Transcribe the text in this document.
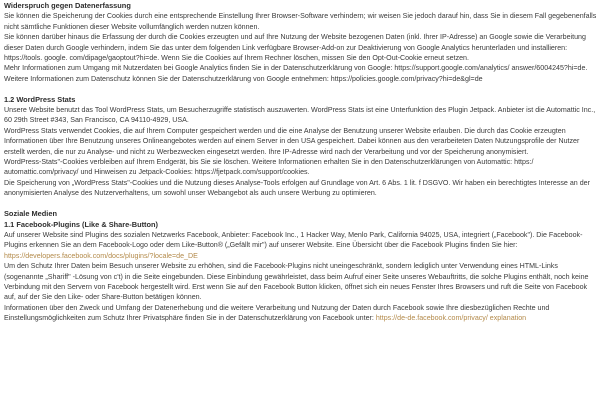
Widerspruch gegen Datenerfassung

Sie können die Speicherung der Cookies durch eine entsprechende Einstellung Ihrer Browser-Software verhindern; wir weisen Sie jedoch darauf hin, dass Sie in diesem Fall gegebenenfalls nicht sämtliche Funktionen dieser Website vollumfänglich werden nutzen können.

Sie können darüber hinaus die Erfassung der durch die Cookies erzeugten und auf Ihre Nutzung der Website bezogenen Daten (inkl. Ihrer IP-Adresse) an Google sowie die Verarbeitung dieser Daten durch Google verhindern, indem Sie das unter dem folgenden Link verfügbare Browser-Add-on zur Deaktivierung von Google Analytics herunterladen und installieren: https://tools. google. com/dipage/gaoptout?hi=de. Wenn Sie die Cookies auf Ihrem Rechner löschen, missen Sie den Opt-Out-Cookie erneut setzen.

Mehr Informationen zum Umgang mit Nutzerdaten bei Google Analytics finden Sie in der Datenschutzerklärung von Google: https://support.google.com/analytics/ answer/6004245?hi=de.

Weitere Informationen zum Datenschutz können Sie der Datenschutzerklärung von Google entnehmen: https://policies.google.com/privacy?hi=de&gl=de

1.2 WordPress Stats

Unsere Website benutzt das Tool WordPress Stats, um Besucherzugriffe statistisch auszuwerten. WordPress Stats ist eine Unterfunktion des Plugin Jetpack. Anbieter ist die Automattic Inc., 60 29th Street #343, San Francisco, CA 94110-4929, USA.

WordPress Stats verwendet Cookies, die auf Ihrem Computer gespeichert werden und die eine Analyse der Benutzung unserer Website erlauben. Die durch das Cookie erzeugten Informationen über Ihre Benutzung unseres Onlineangebotes werden auf einem Server in den USA gespeichert. Dabei können aus den verarbeiteten Daten Nutzungsprofile der Nutzer erstellt werden, die nur zu Analyse- und nicht zu Werbezwecken eingesetzt werden. Ihre IP-Adresse wird nach der Verarbeitung und vor der Speicherung anonymisiert.

WordPress-Stats"-Cookies verbleiben auf Ihrem Endgerät, bis Sie sie löschen. Weitere Informationen erhalten Sie in den Datenschutzerklärungen von Automattic: https:/ automattic.com/privacy/ und Hinweisen zu Jetpack-Cookies: https://fjetpack.com/support/cookies.

Die Speicherung von „WordPress Stats"-Cookies und die Nutzung dieses Analyse-Tools erfolgen auf Grundlage von Art. 6 Abs. 1 lit. f DSGVO. Wir haben ein berechtigtes Interesse an der anonymisierten Analyse des Nutzerverhaltens, um sowohl unser Webangebot als auch unsere Werbung zu optimieren.

Soziale Medien
1.1 Facebook-Plugins (Like & Share-Button)

Auf unserer Website sind Plugins des sozialen Netzwerks Facebook, Anbieter: Facebook Inc., 1 Hacker Way, Menlo Park, California 94025, USA, integriert („Facebook"). Die Facebook-Plugins erkennen Sie an dem Facebook-Logo oder dem Like-Button® („Gefällt mir") auf unserer Website. Eine Übersicht über die Facebook Plugins finden Sie hier: https://developers.facebook.com/docs/plugins/?locale=de_DE

Um den Schutz Ihrer Daten beim Besuch unserer Website zu erhöhen, sind die Facebook-Plugins nicht uneingeschränkt, sondern lediglich unter Verwendung eines HTML-Links (sogenannte „Shariff" -Lösung von c't) in die Seite eingebunden. Diese Einbindung gewährleistet, dass beim Aufruf einer Seite unseres Webauftritts, die solche Plugins enthält, noch keine Verbindung mit den Servern von Facebook hergestellt wird. Erst wenn Sie auf den Facebook Button klicken, öffnet sich ein neues Fenster Ihres Browsers und ruft die Seite von Facebook auf, auf der Sie den Like- oder Share-Button betätigen können.

Informationen über den Zweck und Umfang der Datenerhebung und die weitere Verarbeitung und Nutzung der Daten durch Facebook sowie Ihre diesbezüglichen Rechte und Einstellungsmöglichkeiten zum Schutz Ihrer Privatsphäre finden Sie in der Datenschutzerklärung von Facebook unter: https://de-de.facebook.com/privacy/ explanation
